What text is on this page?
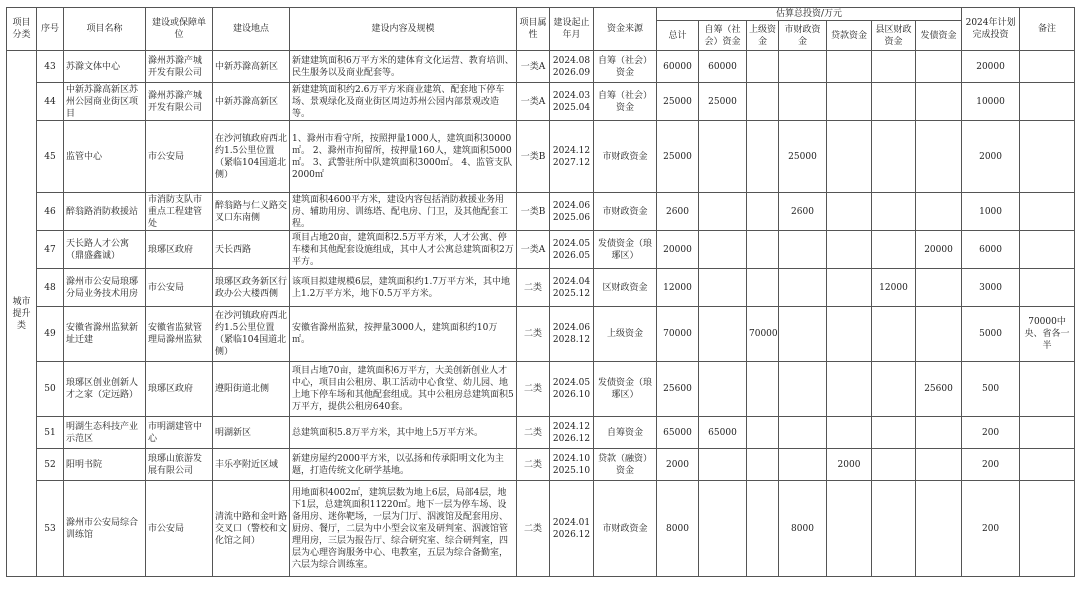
项目分类	序号	项目名称	建设或保障单位	建设地点	建设内容及规模	项目属性	建设起止年月	资金来源	估算总投资/万元							2024年计划完成投资	备注
									总计	自筹（社会）资金	上级资金	市财政资金	贷款资金	县区财政资金	发债资金		
城市提升类	43	苏滁文体中心	滁州苏滁产城开发有限公司	中新苏滁高新区	新建建筑面积6万平方米的建体育文化运营、教育培训、民生服务以及商业配套等。	一类A	2024.08 2026.09	自筹（社会）资金	60000	60000						20000	
	44	中新苏滁高新区苏州公园商业街区项目	滁州苏滁产城开发有限公司	中新苏滁高新区	新建建筑面积约2.6万平方米商业建筑、配套地下停车场、景观绿化及商业街区周边苏州公园内部景观改造等。	一类A	2024.03 2025.04	自筹（社会）资金	25000	25000						10000	
	45	监管中心	市公安局	在沙河镇政府西北约1.5公里位置（紧临104国道北侧）	1、滁州市看守所，按照押量1000人，建筑面积30000㎡。 2、滁州市拘留所，按押量160人，建筑面积5000㎡。 3、武警驻所中队建筑面积3000㎡。 4、监管支队2000㎡	一类B	2024.12 2027.12	市财政资金	25000			25000				2000	
	46	醉翁路消防救援站	市消防支队市重点工程建管处	醉翁路与仁义路交叉口东南侧	建筑面积4600平方米，建设内容包括消防救援业务用房、辅助用房、训练塔、配电房、门卫，及其他配套工程。	一类B	2024.06 2025.06	市财政资金	2600			2600				1000	
	47	天长路人才公寓（鼎盛鑫诚）	琅琊区政府	天长西路	项目占地20亩，建筑面积2.5万平方米，人才公寓、停车楼和其他配套设施组成，其中人才公寓总建筑面积2万平方。	一类A	2024.05 2026.05	发债资金（琅琊区）	20000						20000	6000	
	48	滁州市公安局琅琊分局业务技术用房	市公安局	琅琊区政务新区行政办公大楼西侧	该项目拟建规模6层，建筑面积约1.7万平方米，其中地上1.2万平方米，地下0.5万平方米。	二类	2024.04 2025.12	区财政资金	12000					12000		3000	
	49	安徽省滁州监狱新址迁建	安徽省监狱管理局滁州监狱	在沙河镇政府西北约1.5公里位置（紧临104国道北侧）	安徽省滁州监狱，按押量3000人，建筑面积约10万㎡。	二类	2024.06 2028.12	上级资金	70000		70000					5000	70000中央、省各一半
	50	琅琊区创业创新人才之家（定远路）	琅琊区政府	遵阳街道北侧	项目占地70亩，建筑面积6万平方，大美创新创业人才中心，项目由公租房、职工活动中心食堂、幼儿园、地上地下停车场和其他配套组成。其中公租房总建筑面积5万平方，提供公租房640套。	二类	2024.05 2026.10	发债资金（琅琊区）	25600						25600	500	
	51	明湖生态科技产业示范区	市明湖建管中心	明湖新区	总建筑面积5.8万平方米，其中地上5万平方米。	二类	2024.12 2026.12	自筹资金	65000	65000						200	
	52	阳明书院	琅琊山旅游发展有限公司	丰乐亭附近区域	新建房屋约2000平方米，以弘扬和传承阳明文化为主题，打造传统文化研学基地。	二类	2024.10 2025.10	贷款（融资）资金	2000				2000			200	
	53	滁州市公安局综合训练馆	市公安局	清流中路和金叶路交叉口（警校和文化馆之间）	用地面积4002㎡，建筑层数为地上6层，局部4层，地下1层，总建筑面积11220㎡。地下一层为停车场、设备用房、迷你靶场，一层为门厅、泅渡馆及配套用房、厨房、餐厅，二层为中小型会议室及研判室、泅渡馆管理用房，三层为报告厅、综合研究室、综合研判室，四层为心理咨询服务中心、电教室，五层为综合备勤室，六层为综合训练室。	二类	2024.01 2026.12	市财政资金	8000			8000				200	
